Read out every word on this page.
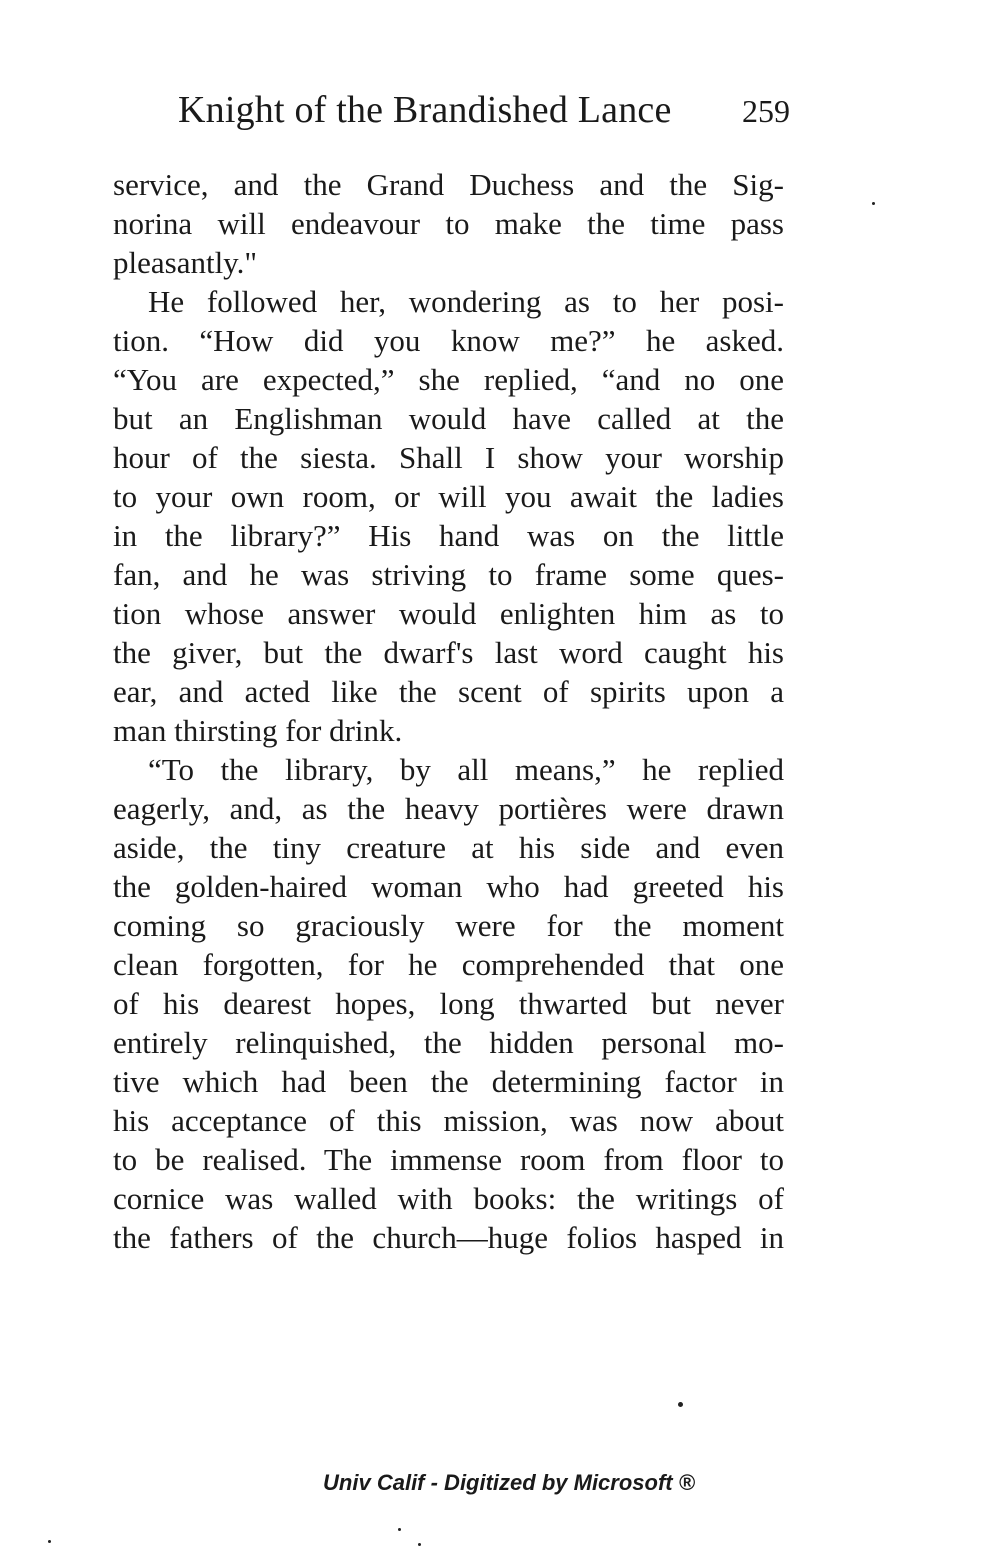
Knight of the Brandished Lance 259
service, and the Grand Duchess and the Sig-
norina will endeavour to make the time pass
pleasantly."
He followed her, wondering as to her posi-
tion. “How did you know me?” he asked.
“You are expected,” she replied, “and no one
but an Englishman would have called at the
hour of the siesta. Shall I show your worship
to your own room, or will you await the ladies
in the library?” His hand was on the little
fan, and he was striving to frame some ques-
tion whose answer would enlighten him as to
the giver, but the dwarf's last word caught his
ear, and acted like the scent of spirits upon a
man thirsting for drink.
“To the library, by all means,” he replied
eagerly, and, as the heavy portières were drawn
aside, the tiny creature at his side and even
the golden-haired woman who had greeted his
coming so graciously were for the moment
clean forgotten, for he comprehended that one
of his dearest hopes, long thwarted but never
entirely relinquished, the hidden personal mo-
tive which had been the determining factor in
his acceptance of this mission, was now about
to be realised. The immense room from floor to
cornice was walled with books: the writings of
the fathers of the church—huge folios hasped in
Univ Calif - Digitized by Microsoft ®
